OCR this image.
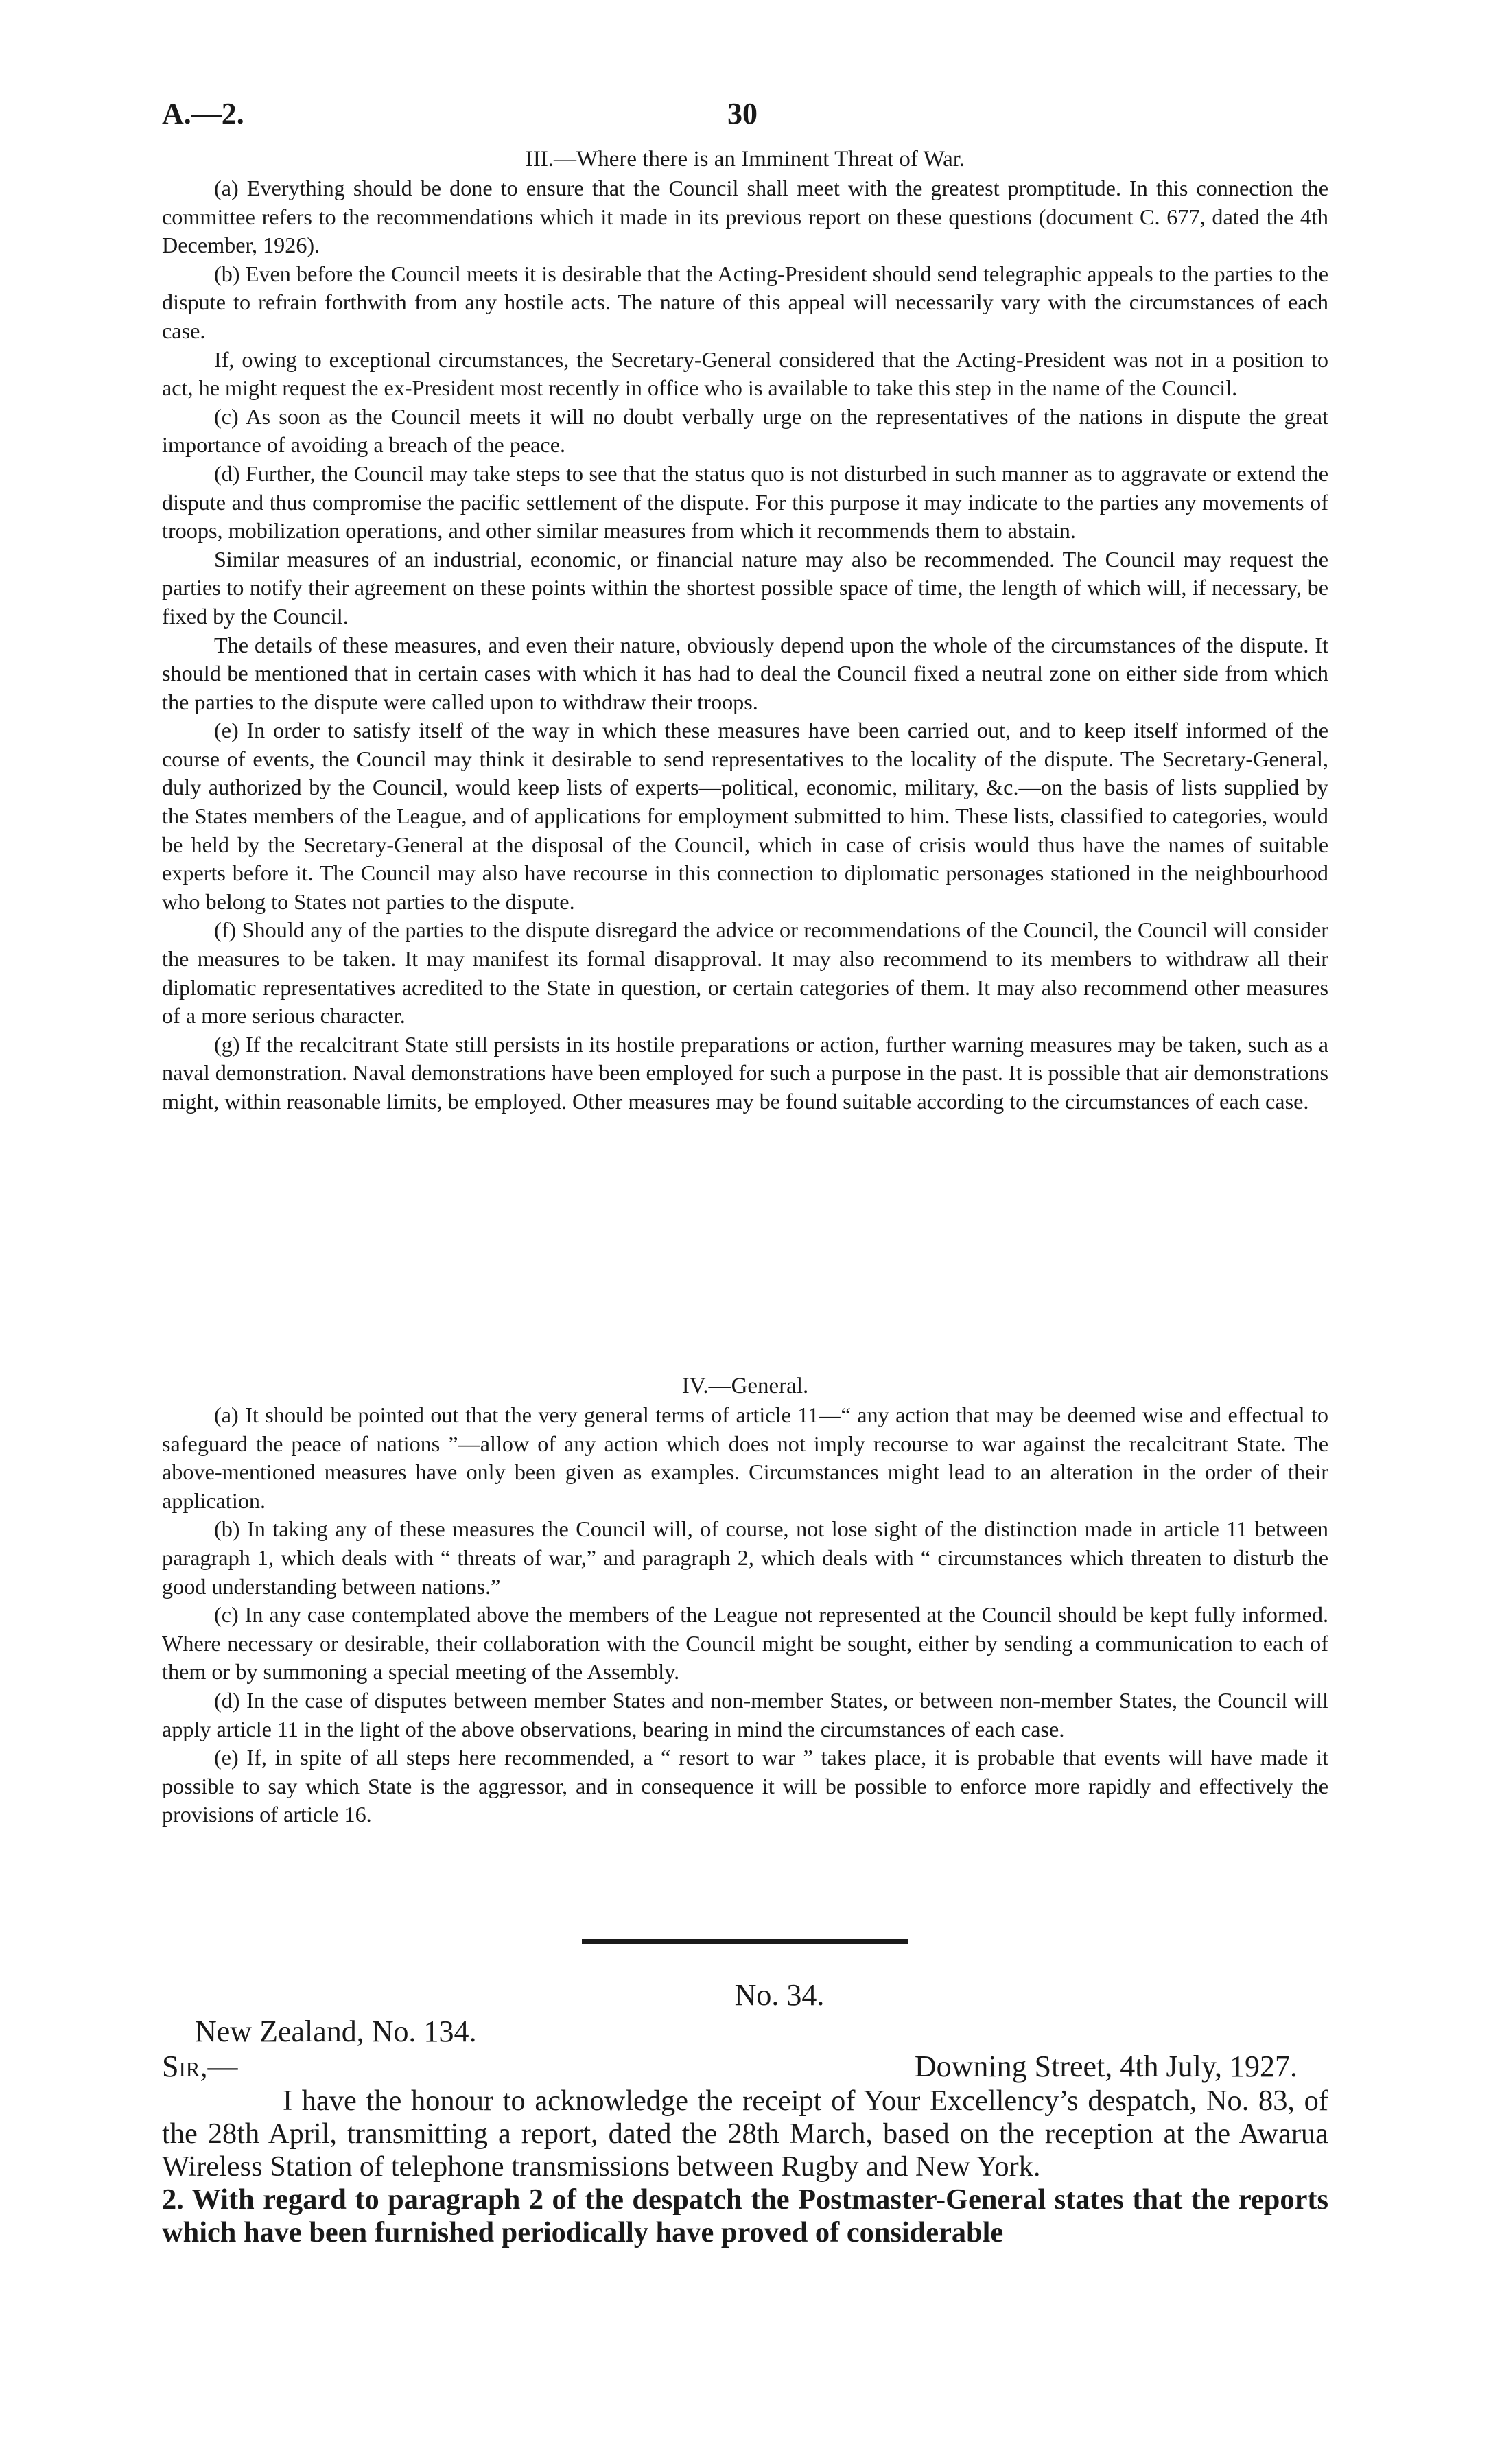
A.—2.	30
III.—Where there is an Imminent Threat of War.

(a) Everything should be done to ensure that the Council shall meet with the greatest promptitude. In this connection the committee refers to the recommendations which it made in its previous report on these questions (document C. 677, dated the 4th December, 1926).

(b) Even before the Council meets it is desirable that the Acting-President should send telegraphic appeals to the parties to the dispute to refrain forthwith from any hostile acts. The nature of this appeal will necessarily vary with the circumstances of each case.

If, owing to exceptional circumstances, the Secretary-General considered that the Acting-President was not in a position to act, he might request the ex-President most recently in office who is available to take this step in the name of the Council.

(c) As soon as the Council meets it will no doubt verbally urge on the representatives of the nations in dispute the great importance of avoiding a breach of the peace.

(d) Further, the Council may take steps to see that the status quo is not disturbed in such manner as to aggravate or extend the dispute and thus compromise the pacific settlement of the dispute. For this purpose it may indicate to the parties any movements of troops, mobilization operations, and other similar measures from which it recommends them to abstain.

Similar measures of an industrial, economic, or financial nature may also be recommended. The Council may request the parties to notify their agreement on these points within the shortest possible space of time, the length of which will, if necessary, be fixed by the Council.

The details of these measures, and even their nature, obviously depend upon the whole of the circumstances of the dispute. It should be mentioned that in certain cases with which it has had to deal the Council fixed a neutral zone on either side from which the parties to the dispute were called upon to withdraw their troops.

(e) In order to satisfy itself of the way in which these measures have been carried out, and to keep itself informed of the course of events, the Council may think it desirable to send representatives to the locality of the dispute. The Secretary-General, duly authorized by the Council, would keep lists of experts—political, economic, military, &c.—on the basis of lists supplied by the States members of the League, and of applications for employment submitted to him. These lists, classified to categories, would be held by the Secretary-General at the disposal of the Council, which in case of crisis would thus have the names of suitable experts before it. The Council may also have recourse in this connection to diplomatic personages stationed in the neighbourhood who belong to States not parties to the dispute.

(f) Should any of the parties to the dispute disregard the advice or recommendations of the Council, the Council will consider the measures to be taken. It may manifest its formal disapproval. It may also recommend to its members to withdraw all their diplomatic representatives acredited to the State in question, or certain categories of them. It may also recommend other measures of a more serious character.

(g) If the recalcitrant State still persists in its hostile preparations or action, further warning measures may be taken, such as a naval demonstration. Naval demonstrations have been employed for such a purpose in the past. It is possible that air demonstrations might, within reasonable limits, be employed. Other measures may be found suitable according to the circumstances of each case.

IV.—General.

(a) It should be pointed out that the very general terms of article 11—“ any action that may be deemed wise and effectual to safeguard the peace of nations ”—allow of any action which does not imply recourse to war against the recalcitrant State. The above-mentioned measures have only been given as examples. Circumstances might lead to an alteration in the order of their application.

(b) In taking any of these measures the Council will, of course, not lose sight of the distinction made in article 11 between paragraph 1, which deals with “ threats of war,” and paragraph 2, which deals with “ circumstances which threaten to disturb the good understanding between nations.”

(c) In any case contemplated above the members of the League not represented at the Council should be kept fully informed. Where necessary or desirable, their collaboration with the Council might be sought, either by sending a communication to each of them or by summoning a special meeting of the Assembly.

(d) In the case of disputes between member States and non-member States, or between non-member States, the Council will apply article 11 in the light of the above observations, bearing in mind the circumstances of each case.

(e) If, in spite of all steps here recommended, a “ resort to war ” takes place, it is probable that events will have made it possible to say which State is the aggressor, and in consequence it will be possible to enforce more rapidly and effectively the provisions of article 16.

No. 34.
New Zealand, No. 134.
Sir,—	Downing Street, 4th July, 1927.

I have the honour to acknowledge the receipt of Your Excellency’s despatch, No. 83, of the 28th April, transmitting a report, dated the 28th March, based on the reception at the Awarua Wireless Station of telephone transmissions between Rugby and New York.

2. With regard to paragraph 2 of the despatch the Postmaster-General states that the reports which have been furnished periodically have proved of considerable
